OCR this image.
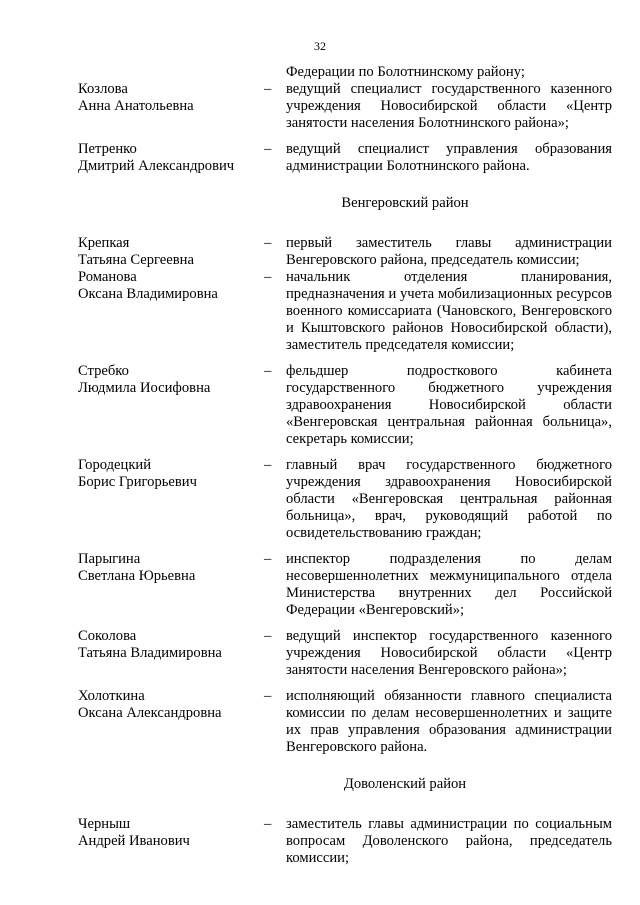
32

Федерации по Болотнинскому району;

Козлова
Анна Анатольевна
–	ведущий специалист государственного казенного учреждения Новосибирской области «Центр занятости населения Болотнинского района»;
Петренко
Дмитрий Александрович
–	ведущий специалист управления образования администрации Болотнинского района.
Венгеровский район
Крепкая
Татьяна Сергеевна
–	первый заместитель главы администрации Венгеровского района, председатель комиссии;
Романова
Оксана Владимировна
–	начальник отделения планирования, предназначения и учета мобилизационных ресурсов военного комиссариата (Чановского, Венгеровского и Кыштовского районов Новосибирской области), заместитель председателя комиссии;
Стребко
Людмила Иосифовна
–	фельдшер подросткового кабинета государственного бюджетного учреждения здравоохранения Новосибирской области «Венгеровская центральная районная больница», секретарь комиссии;
Городецкий
Борис Григорьевич
–	главный врач государственного бюджетного учреждения здравоохранения Новосибирской области «Венгеровская центральная районная больница», врач, руководящий работой по освидетельствованию граждан;
Парыгина
Светлана Юрьевна
–	инспектор подразделения по делам несовершеннолетних межмуниципального отдела Министерства внутренних дел Российской Федерации «Венгеровский»;
Соколова
Татьяна Владимировна
–	ведущий инспектор государственного казенного учреждения Новосибирской области «Центр занятости населения Венгеровского района»;
Холоткина
Оксана Александровна
–	исполняющий обязанности главного специалиста комиссии по делам несовершеннолетних и защите их прав управления образования администрации Венгеровского района.
Доволенский район
Черныш
Андрей Иванович
–	заместитель главы администрации по социальным вопросам Доволенского района, председатель комиссии;
